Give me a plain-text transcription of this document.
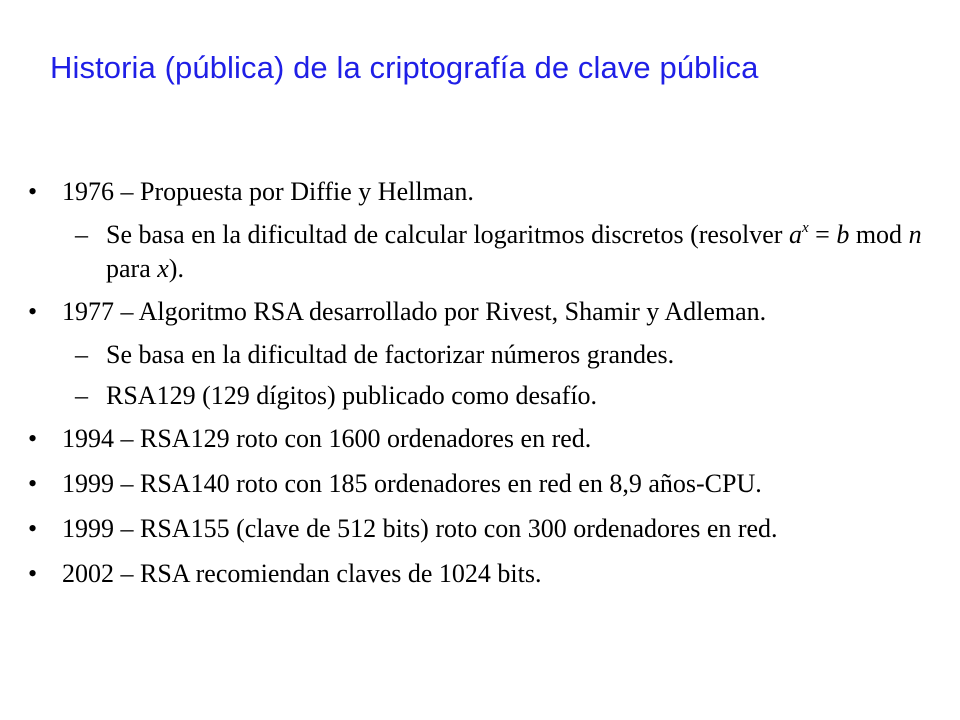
Historia (pública) de la criptografía de clave pública
• 1976 – Propuesta por Diffie y Hellman.
– Se basa en la dificultad de calcular logaritmos discretos (resolver $a^x = b$ mod n para x).
• 1977 – Algoritmo RSA desarrollado por Rivest, Shamir y Adleman.
– Se basa en la dificultad de factorizar números grandes.
– RSA129 (129 dígitos) publicado como desafío.
• 1994 – RSA129 roto con 1600 ordenadores en red.
• 1999 – RSA140 roto con 185 ordenadores en red en 8,9 años-CPU.
• 1999 – RSA155 (clave de 512 bits) roto con 300 ordenadores en red.
• 2002 – RSA recomiendan claves de 1024 bits.
